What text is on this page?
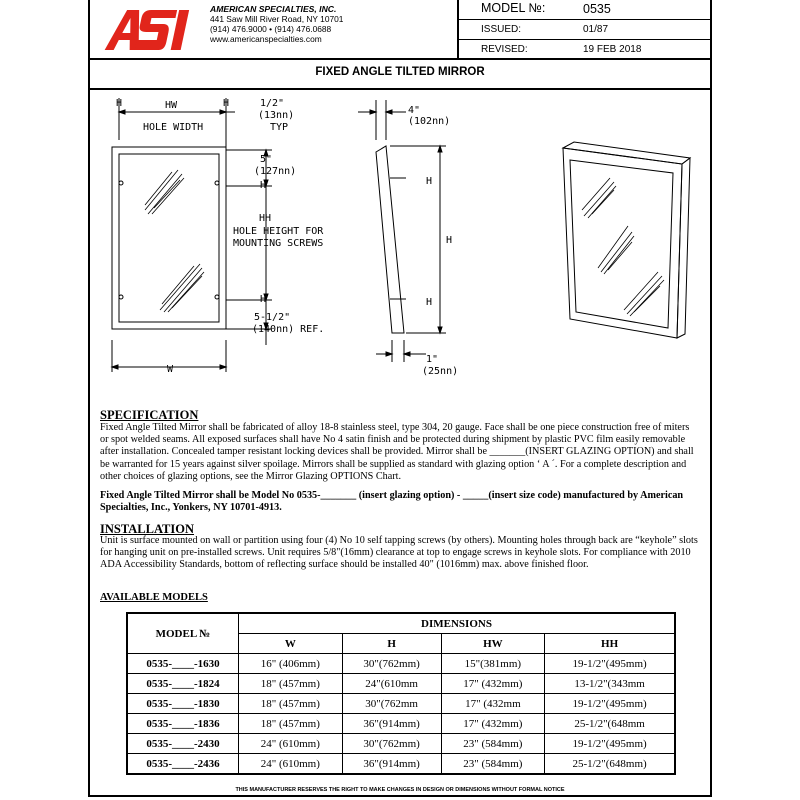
AMERICAN SPECIALTIES, INC.
441 Saw Mill River Road, NY 10701
(914) 476.9000 • (914) 476.0688
www.americanspecialties.com
MODEL №:	0535
ISSUED:	01/87
REVISED:	19 FEB 2018
FIXED ANGLE TILTED MIRROR
H	H
HW
HOLE WIDTH
1/2"
(13nn)
TYP
5"
(127nn)
H
HH
HOLE HEIGHT FOR
MOUNTING SCREWS
H
5-1/2"
(140nn) REF.
W
4"
(102nn)
H
H
H
1"
(25nn)
SPECIFICATION
Fixed Angle Tilted Mirror shall be fabricated of alloy 18-8 stainless steel, type 304, 20 gauge. Face shall be one piece construction free of miters or spot welded seams. All exposed surfaces shall have No 4 satin finish and be protected during shipment by plastic PVC film easily removable after installation. Concealed tamper resistant locking devices shall be provided. Mirror shall be _______(INSERT GLAZING OPTION) and shall be warranted for 15 years against silver spoilage. Mirrors shall be supplied as standard with glazing option ‘ A ´. For a complete description and other choices of glazing options, see the Mirror Glazing OPTIONS Chart.
Fixed Angle Tilted Mirror shall be Model No 0535-_______ (insert glazing option) - _____(insert size code) manufactured by American Specialties, Inc., Yonkers, NY 10701-4913.
INSTALLATION
Unit is surface mounted on wall or partition using four (4) No 10 self tapping screws (by others). Mounting holes through back are “keyhole” slots for hanging unit on pre-installed screws. Unit requires 5/8"(16mm) clearance at top to engage screws in keyhole slots. For compliance with 2010 ADA Accessibility Standards, bottom of reflecting surface should be installed 40" (1016mm) max. above finished floor.
AVAILABLE MODELS
MODEL №	DIMENSIONS			
	W	H	HW	HH
0535-____-1630	16" (406mm)	30"(762mm)	15"(381mm)	19-1/2"(495mm)
0535-____-1824	18" (457mm)	24"(610mm	17" (432mm)	13-1/2"(343mm
0535-____-1830	18" (457mm)	30"(762mm	17" (432mm	19-1/2"(495mm)
0535-____-1836	18" (457mm)	36"(914mm)	17" (432mm)	25-1/2"(648mm
0535-____-2430	24" (610mm)	30"(762mm)	23" (584mm)	19-1/2"(495mm)
0535-____-2436	24" (610mm)	36"(914mm)	23" (584mm)	25-1/2"(648mm)
THIS MANUFACTURER RESERVES THE RIGHT TO MAKE CHANGES IN DESIGN OR DIMENSIONS WITHOUT FORMAL NOTICE
